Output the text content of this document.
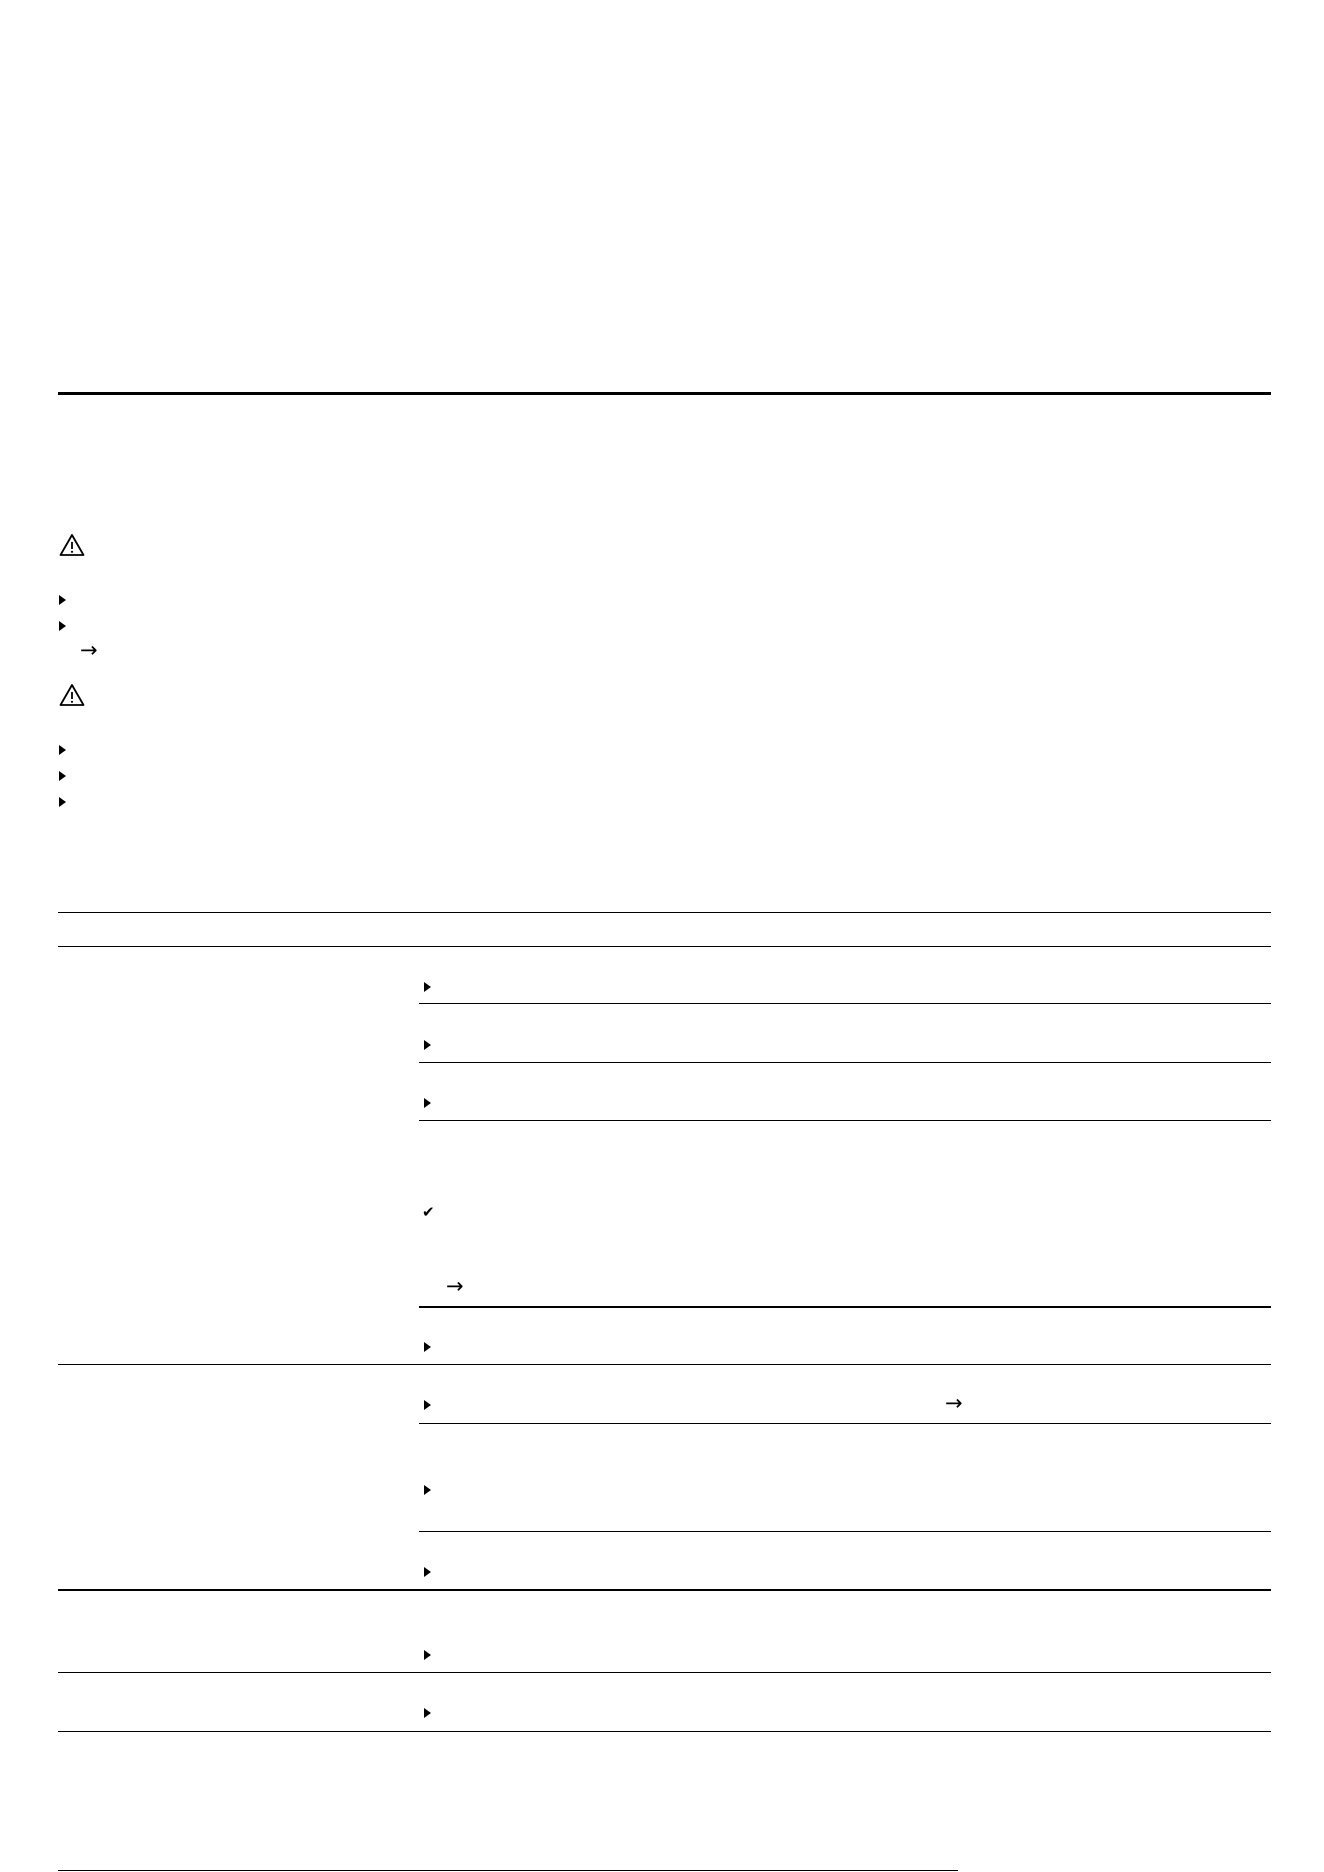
→
✔
→
→
